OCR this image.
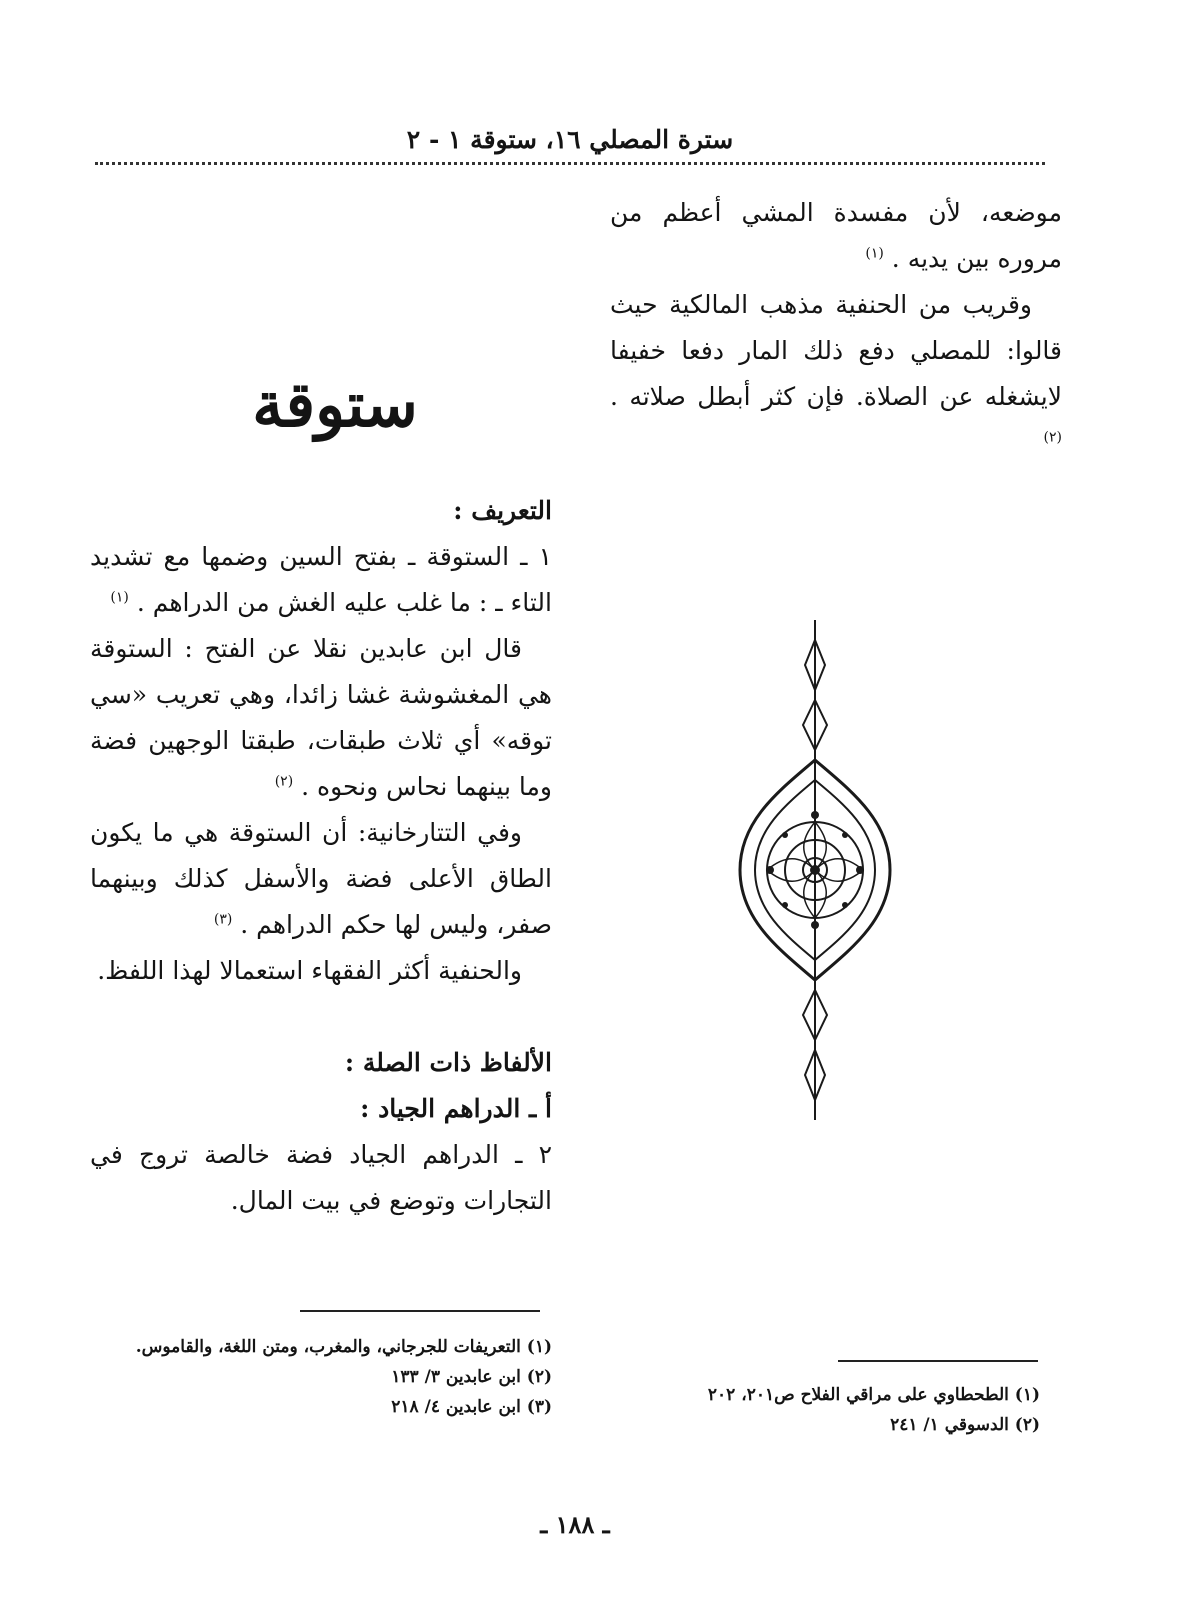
سترة المصلي ١٦، ستوقة ١ - ٢

موضعه، لأن مفسدة المشي أعظم من مروره بين يديه . $^{(١)}$

وقريب من الحنفية مذهب المالكية حيث قالوا: للمصلي دفع ذلك المار دفعا خفيفا لايشغله عن الصلاة. فإن كثر أبطل صلاته . $^{(٢)}$

ستوقة

التعريف :

١ ـ الستوقة ـ بفتح السين وضمها مع تشديد التاء ـ : ما غلب عليه الغش من الدراهم . $^{(١)}$

قال ابن عابدين نقلا عن الفتح : الستوقة هي المغشوشة غشا زائدا، وهي تعريب «سي توقه» أي ثلاث طبقات، طبقتا الوجهين فضة وما بينهما نحاس ونحوه . $^{(٢)}$

وفي التتارخانية: أن الستوقة هي ما يكون الطاق الأعلى فضة والأسفل كذلك وبينهما صفر، وليس لها حكم الدراهم . $^{(٣)}$

والحنفية أكثر الفقهاء استعمالا لهذا اللفظ.

الألفاظ ذات الصلة :

أ ـ الدراهم الجياد :

٢ ـ الدراهم الجياد فضة خالصة تروج في التجارات وتوضع في بيت المال.

(١) التعريفات للجرجاني، والمغرب، ومتن اللغة، والقاموس.

(٢) ابن عابدين ٣/ ١٣٣

(٣) ابن عابدين ٤/ ٢١٨

(١) الطحطاوي على مراقي الفلاح ص٢٠١، ٢٠٢

(٢) الدسوقي ١/ ٢٤١

ـ ١٨٨ ـ
